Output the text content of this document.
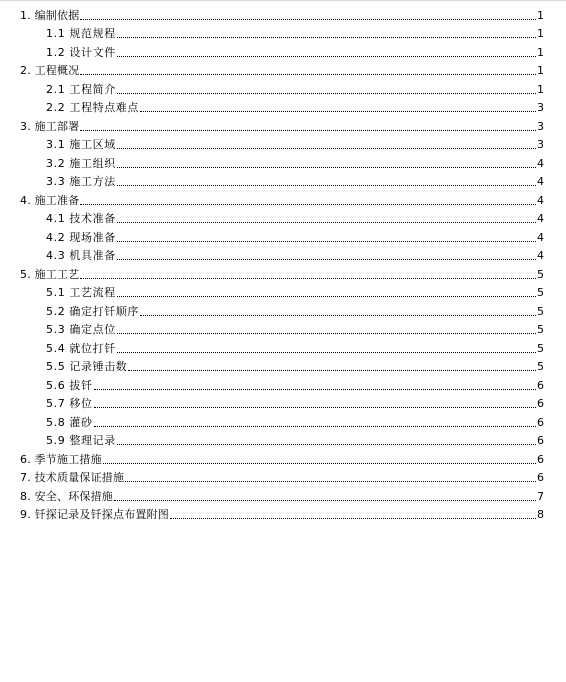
1. 编制依据	1
1.1 规范规程	1
1.2 设计文件	1
2. 工程概况	1
2.1 工程简介	1
2.2 工程特点难点	3
3. 施工部署	3
3.1 施工区域	3
3.2 施工组织	4
3.3 施工方法	4
4. 施工准备	4
4.1 技术准备	4
4.2 现场准备	4
4.3 机具准备	4
5. 施工工艺	5
5.1 工艺流程	5
5.2 确定打钎顺序	5
5.3 确定点位	5
5.4 就位打钎	5
5.5 记录锤击数	5
5.6 拔钎	6
5.7 移位	6
5.8 灌砂	6
5.9 整理记录	6
6. 季节施工措施	6
7. 技术质量保证措施	6
8. 安全、环保措施	7
9. 钎探记录及钎探点布置附图	8
